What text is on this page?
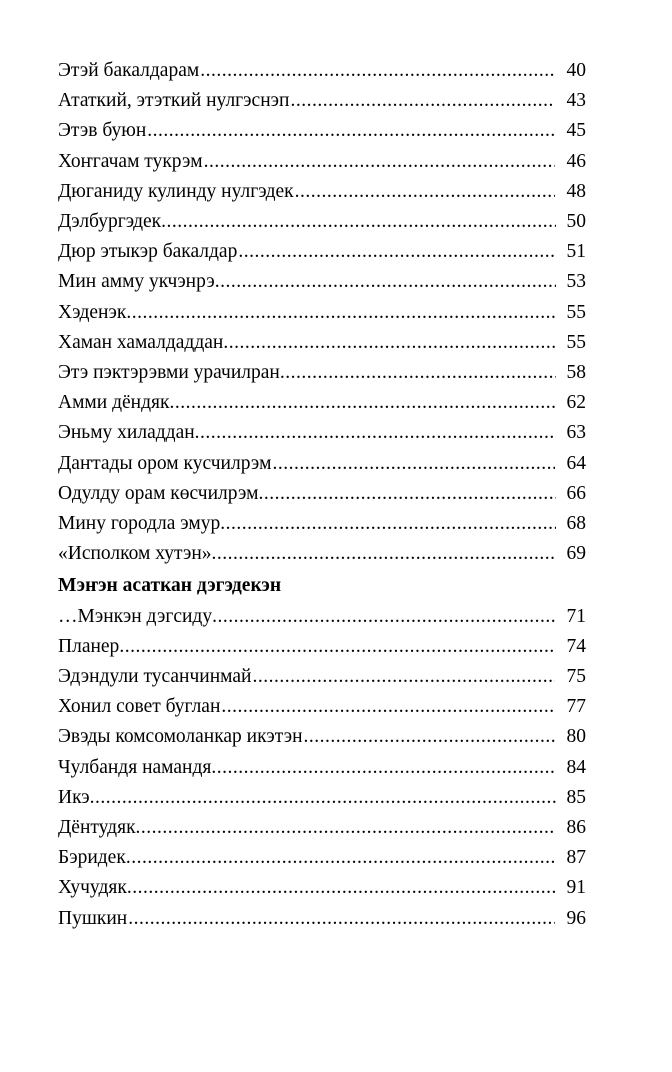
Этэй бакалдарам .....	40
Ататкий, этэткий нулгэснэп .....	43
Этэв буюн .....	45
Хоҥгачам тукрэм .....	46
Дюганиду кулинду нулгэдек .....	48
Дэлбургэдек .....	50
Дюр этыкэр бакалдар .....	51
Мин амму укчэнрэ .....	53
Хэденэк .....	55
Хаман хамалдаддан .....	55
Этэ пэктэрэвми урачилран .....	58
Амми дёндяк .....	62
Эньму хиладдан .....	63
Даҥтады ором кусчилрэм .....	64
Одулду орам көсчилрэм .....	66
Мину городла эмур .....	68
«Исполком хутэн» .....	69
Мэҥэн асаткан дэгэдекэн
…Мэнкэн дэгсиду .....	71
Планер .....	74
Эдэндули тусанчинмай .....	75
Хонил совет буглан .....	77
Эвэды комсомоланкар икэтэн .....	80
Чулбандя намандя .....	84
Икэ .....	85
Дёнтудяк .....	86
Бэридек .....	87
Хучудяк .....	91
Пушкин .....	96
